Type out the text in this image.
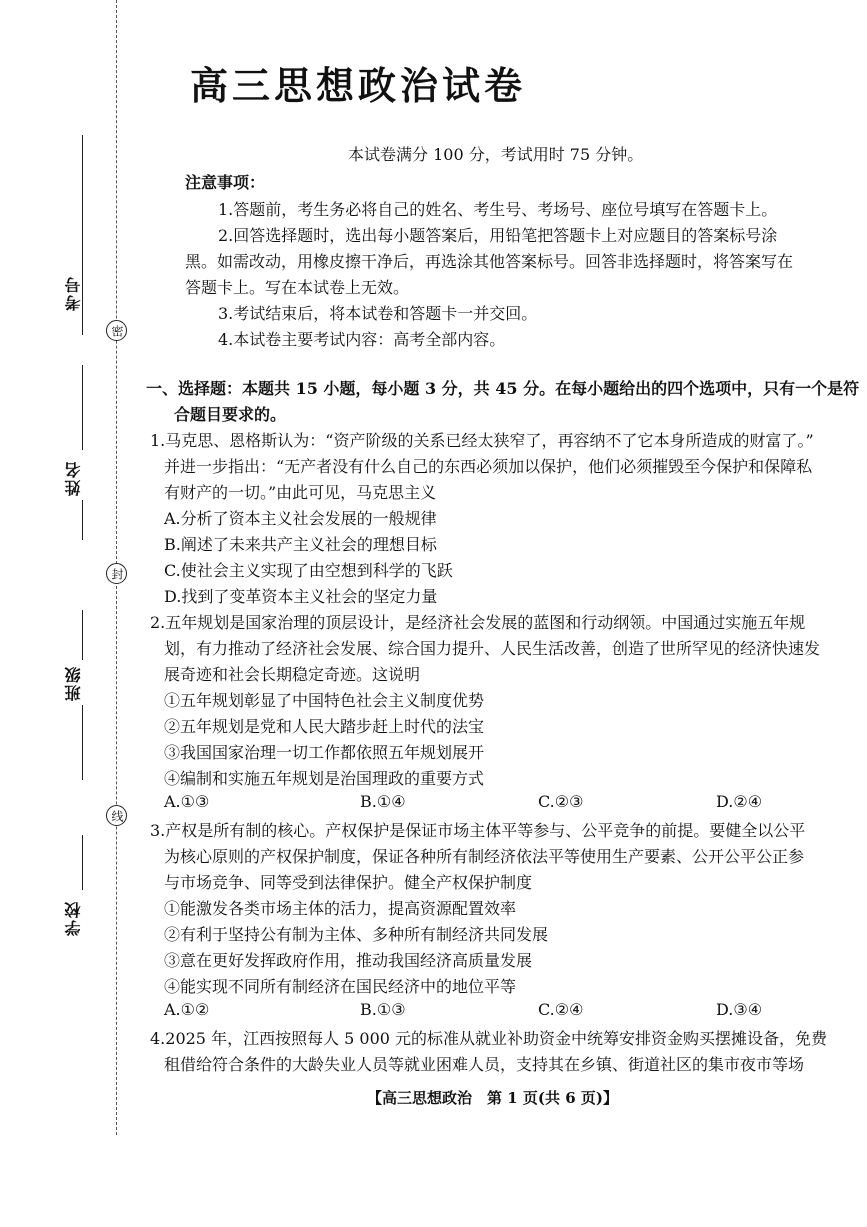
考号
密
姓名
封
班级
线
学校
高三思想政治试卷
本试卷满分 100 分，考试用时 75 分钟。
注意事项：
1.答题前，考生务必将自己的姓名、考生号、考场号、座位号填写在答题卡上。
2.回答选择题时，选出每小题答案后，用铅笔把答题卡上对应题目的答案标号涂
黑。如需改动，用橡皮擦干净后，再选涂其他答案标号。回答非选择题时，将答案写在
答题卡上。写在本试卷上无效。
3.考试结束后，将本试卷和答题卡一并交回。
4.本试卷主要考试内容：高考全部内容。
一、选择题：本题共 15 小题，每小题 3 分，共 45 分。在每小题给出的四个选项中，只有一个是符
合题目要求的。
1.马克思、恩格斯认为：“资产阶级的关系已经太狭窄了，再容纳不了它本身所造成的财富了。”
并进一步指出：“无产者没有什么自己的东西必须加以保护，他们必须摧毁至今保护和保障私
有财产的一切。”由此可见，马克思主义
A.分析了资本主义社会发展的一般规律
B.阐述了未来共产主义社会的理想目标
C.使社会主义实现了由空想到科学的飞跃
D.找到了变革资本主义社会的坚定力量
2.五年规划是国家治理的顶层设计，是经济社会发展的蓝图和行动纲领。中国通过实施五年规
划，有力推动了经济社会发展、综合国力提升、人民生活改善，创造了世所罕见的经济快速发
展奇迹和社会长期稳定奇迹。这说明
①五年规划彰显了中国特色社会主义制度优势
②五年规划是党和人民大踏步赶上时代的法宝
③我国国家治理一切工作都依照五年规划展开
④编制和实施五年规划是治国理政的重要方式
A.①③	B.①④	C.②③	D.②④
3.产权是所有制的核心。产权保护是保证市场主体平等参与、公平竞争的前提。要健全以公平
为核心原则的产权保护制度，保证各种所有制经济依法平等使用生产要素、公开公平公正参
与市场竞争、同等受到法律保护。健全产权保护制度
①能激发各类市场主体的活力，提高资源配置效率
②有利于坚持公有制为主体、多种所有制经济共同发展
③意在更好发挥政府作用，推动我国经济高质量发展
④能实现不同所有制经济在国民经济中的地位平等
A.①②	B.①③	C.②④	D.③④
4.2025 年，江西按照每人 5 000 元的标准从就业补助资金中统筹安排资金购买摆摊设备，免费
租借给符合条件的大龄失业人员等就业困难人员，支持其在乡镇、街道社区的集市夜市等场
【高三思想政治　第 1 页(共 6 页)】
